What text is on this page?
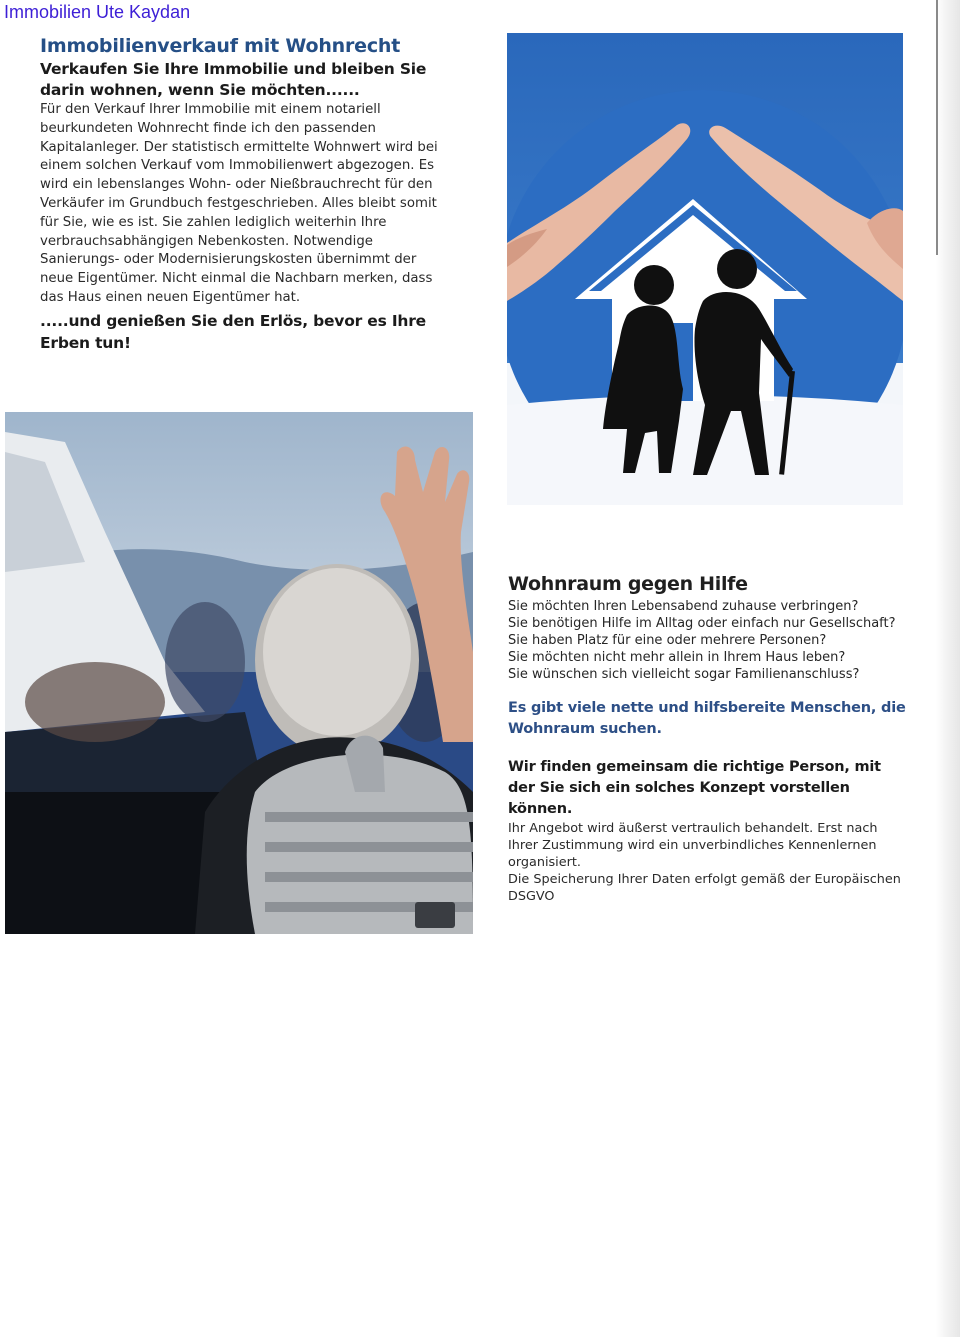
Immobilien Ute Kaydan

Immobilienverkauf mit Wohnrecht
Verkaufen Sie Ihre Immobilie und bleiben Sie darin wohnen, wenn Sie möchten......

Für den Verkauf Ihrer Immobilie mit einem notariell beurkundeten Wohnrecht finde ich den passenden Kapitalanleger. Der statistisch ermittelte Wohnwert wird bei einem solchen Verkauf vom Immobilienwert abgezogen. Es wird ein lebenslanges Wohn- oder Nießbrauchrecht für den Verkäufer im Grundbuch festgeschrieben. Alles bleibt somit für Sie, wie es ist. Sie zahlen lediglich weiterhin Ihre verbrauchsabhängigen Nebenkosten. Notwendige Sanierungs- oder Modernisierungskosten übernimmt der neue Eigentümer. Nicht einmal die Nachbarn merken, dass das Haus einen neuen Eigentümer hat.

.....und genießen Sie den Erlös, bevor es Ihre Erben tun!

Wohnraum gegen Hilfe
Sie möchten Ihren Lebensabend zuhause verbringen?
Sie benötigen Hilfe im Alltag oder einfach nur Gesellschaft?
Sie haben Platz für eine oder mehrere Personen?
Sie möchten nicht mehr allein in Ihrem Haus leben?
Sie wünschen sich vielleicht sogar Familienanschluss?

Es gibt viele nette und hilfsbereite Menschen, die Wohnraum suchen.

Wir finden gemeinsam die richtige Person, mit der Sie sich ein solches Konzept vorstellen können.

Ihr Angebot wird äußerst vertraulich behandelt. Erst nach Ihrer Zustimmung wird ein unverbindliches Kennenlernen organisiert.

Die Speicherung Ihrer Daten erfolgt gemäß der Europäischen DSGVO
